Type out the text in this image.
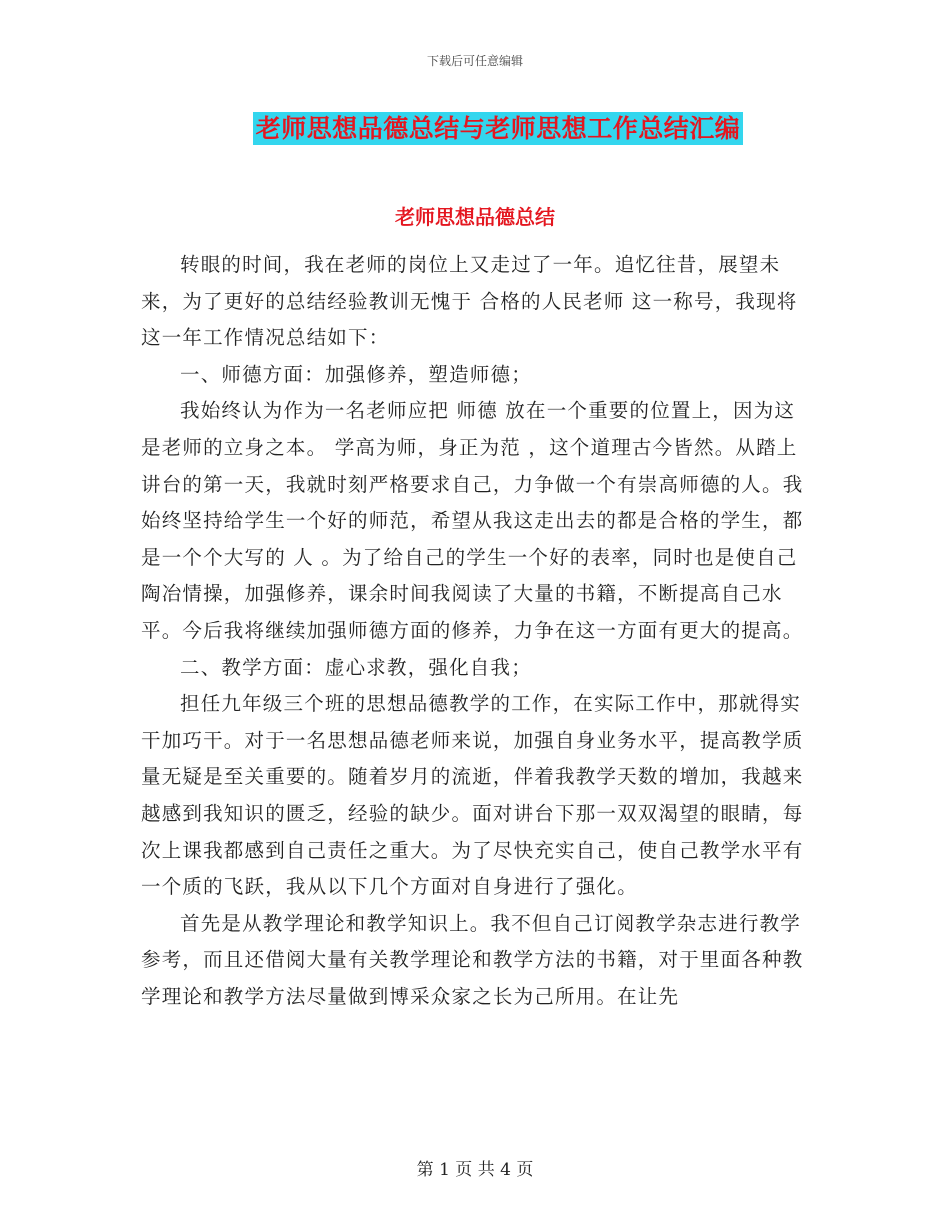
下载后可任意编辑
老师思想品德总结与老师思想工作总结汇编
老师思想品德总结

转眼的时间，我在老师的岗位上又走过了一年。追忆往昔，展望未来，为了更好的总结经验教训无愧于 合格的人民老师 这一称号，我现将这一年工作情况总结如下：

一、师德方面：加强修养，塑造师德；

我始终认为作为一名老师应把 师德 放在一个重要的位置上，因为这是老师的立身之本。 学高为师，身正为范 ，这个道理古今皆然。从踏上讲台的第一天，我就时刻严格要求自己，力争做一个有崇高师德的人。我始终坚持给学生一个好的师范，希望从我这走出去的都是合格的学生，都是一个个大写的 人 。为了给自己的学生一个好的表率，同时也是使自己陶冶情操，加强修养，课余时间我阅读了大量的书籍，不断提高自己水平。今后我将继续加强师德方面的修养，力争在这一方面有更大的提高。

二、教学方面：虚心求教，强化自我；

担任九年级三个班的思想品德教学的工作，在实际工作中，那就得实干加巧干。对于一名思想品德老师来说，加强自身业务水平，提高教学质量无疑是至关重要的。随着岁月的流逝，伴着我教学天数的增加，我越来越感到我知识的匮乏，经验的缺少。面对讲台下那一双双渴望的眼睛，每次上课我都感到自己责任之重大。为了尽快充实自己，使自己教学水平有一个质的飞跃，我从以下几个方面对自身进行了强化。

首先是从教学理论和教学知识上。我不但自己订阅教学杂志进行教学参考，而且还借阅大量有关教学理论和教学方法的书籍，对于里面各种教学理论和教学方法尽量做到博采众家之长为己所用。在让先

第 1 页 共 4 页
